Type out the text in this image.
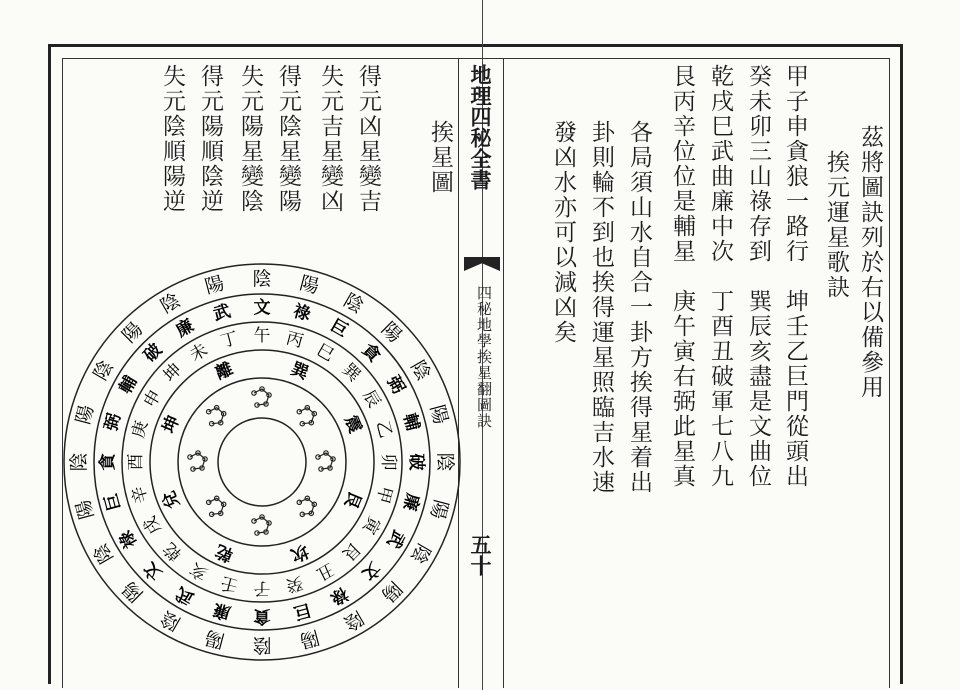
地理四秘全書
四秘地學挨星翻圖訣
五十
茲將圖訣列於右以備參用
挨元運星歌訣
甲子申貪狼一路行　坤壬乙巨門從頭出
癸未卯三山祿存到　巽辰亥盡是文曲位
乾戌巳武曲廉中次　丁酉丑破軍七八九
艮丙辛位位是輔星　庚午寅右弼此星真
各局須山水自合一卦方挨得星着出
卦則輪不到也挨得運星照臨吉水速
發凶水亦可以減凶矣
得元凶星變吉
失元吉星變凶
得元陰星變陽
失元陽星變陰
得元陽順陰逆
失元陰順陽逆	挨星圖
陰 陽
陰
陽
陰
陽
陰
陽
陰
陽
陰
陽
陰
陽
陰
陽
陰
陽
陰
陽
陰
陽
陰
陽
貪 巨
祿
文
武
廉
破
輔
弼
貪
巨
祿
文
武
廉
破
輔
弼
貪
巨
祿
文
武
廉
子 癸 丑
艮
寅
甲
卯
乙
辰
巽
巳
丙
午
丁
未
坤
申
庚
酉
辛
戌
乾
亥 壬
坎
艮
震
巽
離
坤
兌
乾
